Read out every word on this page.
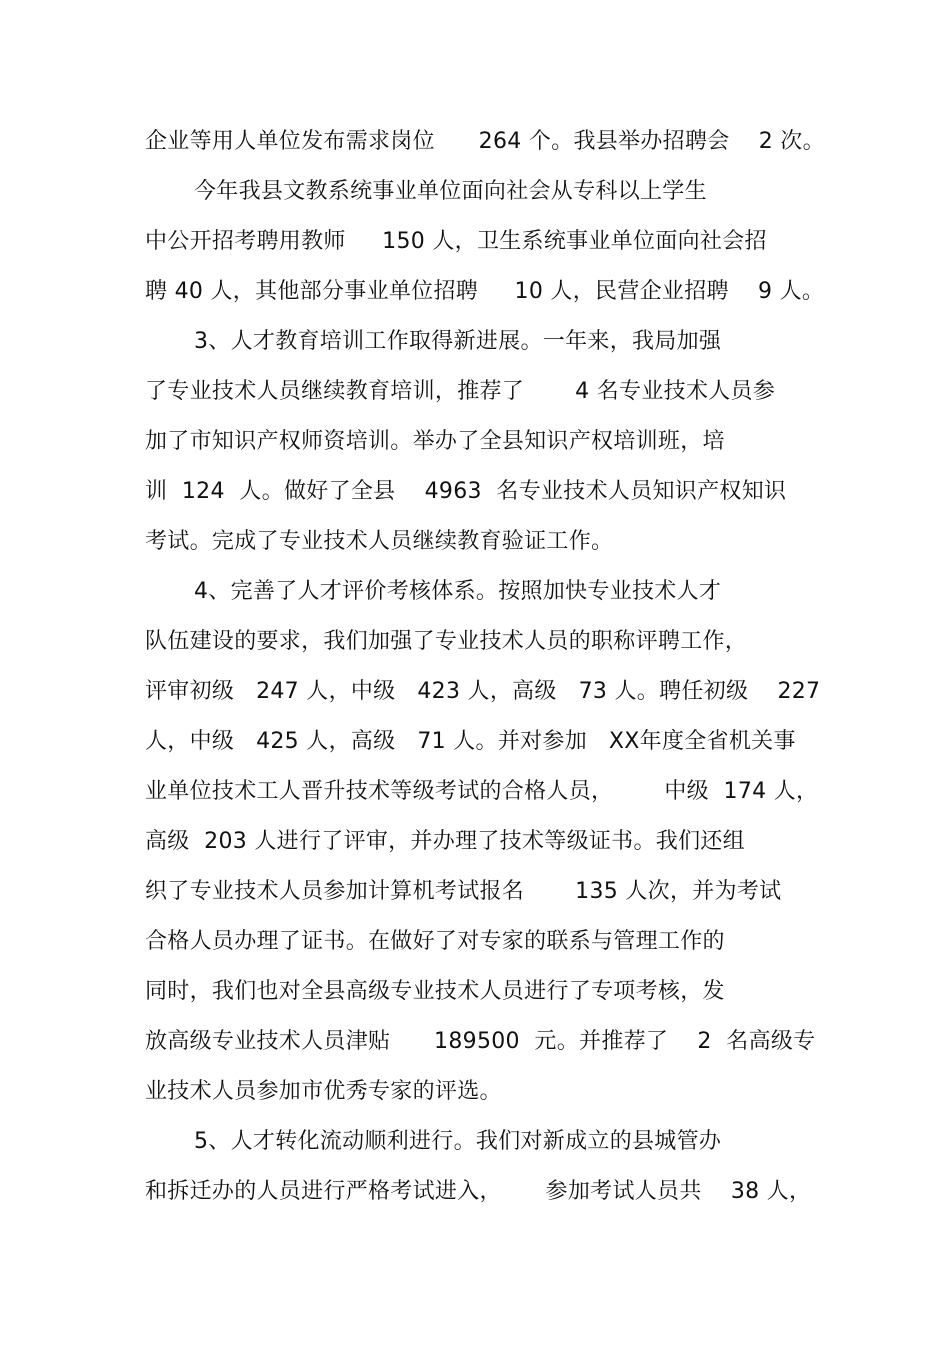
企业等用人单位发布需求岗位      264 个。我县举办招聘会    2 次。
今年我县文教系统事业单位面向社会从专科以上学生
中公开招考聘用教师     150 人，卫生系统事业单位面向社会招
聘 40 人，其他部分事业单位招聘     10 人，民营企业招聘    9 人。
3、人才教育培训工作取得新进展。一年来，我局加强
了专业技术人员继续教育培训，推荐了       4 名专业技术人员参
加了市知识产权师资培训。举办了全县知识产权培训班，培
训  124  人。做好了全县    4963  名专业技术人员知识产权知识
考试。完成了专业技术人员继续教育验证工作。
4、完善了人才评价考核体系。按照加快专业技术人才
队伍建设的要求，我们加强了专业技术人员的职称评聘工作，
评审初级   247 人，中级   423 人，高级   73 人。聘任初级    227
人，中级   425 人，高级   71 人。并对参加   XX年度全省机关事
业单位技术工人晋升技术等级考试的合格人员，       中级  174 人，
高级  203 人进行了评审，并办理了技术等级证书。我们还组
织了专业技术人员参加计算机考试报名       135 人次，并为考试
合格人员办理了证书。在做好了对专家的联系与管理工作的
同时，我们也对全县高级专业技术人员进行了专项考核，发
放高级专业技术人员津贴      189500  元。并推荐了    2  名高级专
业技术人员参加市优秀专家的评选。
5、人才转化流动顺利进行。我们对新成立的县城管办
和拆迁办的人员进行严格考试进入，      参加考试人员共    38 人，
